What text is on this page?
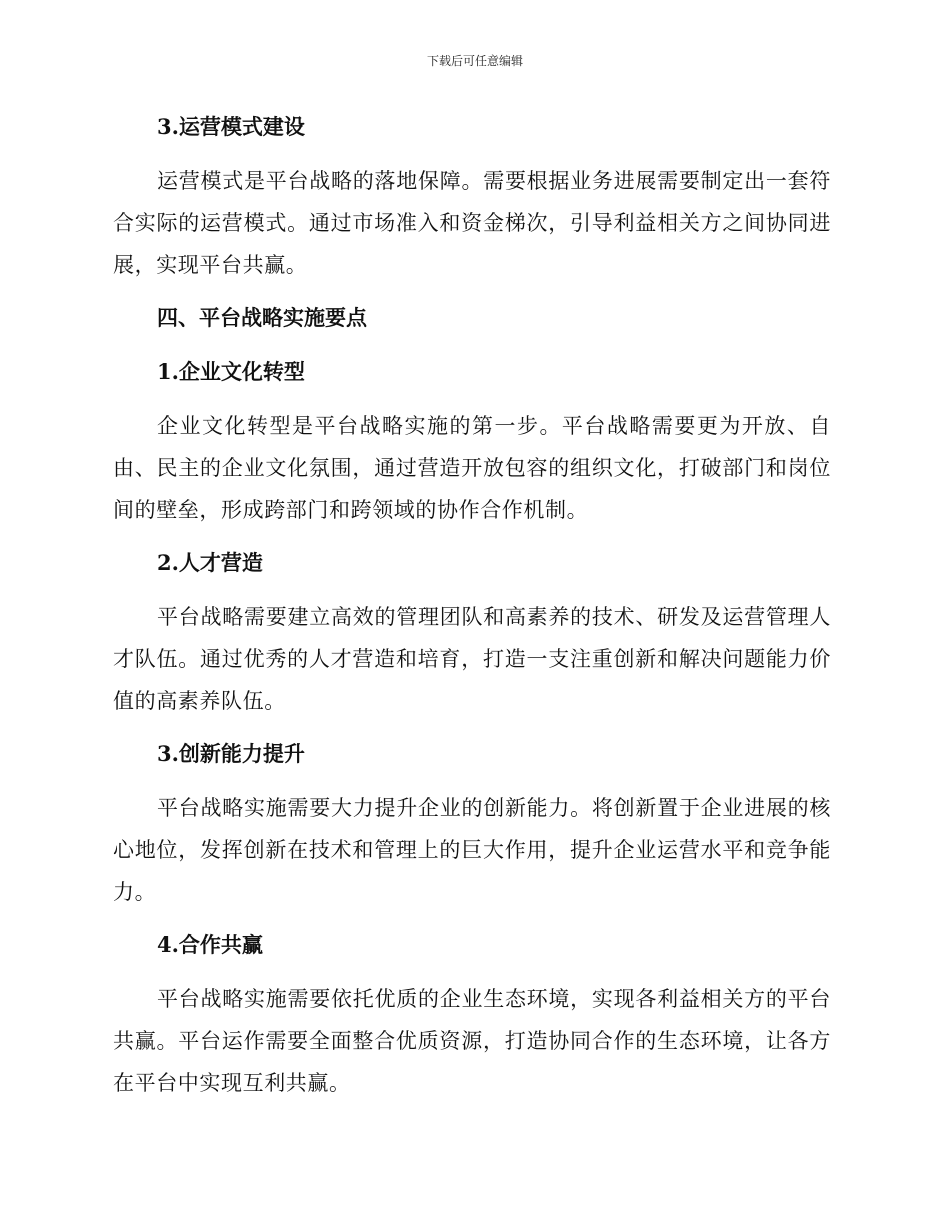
下载后可任意编辑
3.运营模式建设

运营模式是平台战略的落地保障。需要根据业务进展需要制定出一套符合实际的运营模式。通过市场准入和资金梯次，引导利益相关方之间协同进展，实现平台共赢。

四、平台战略实施要点
1.企业文化转型

企业文化转型是平台战略实施的第一步。平台战略需要更为开放、自由、民主的企业文化氛围，通过营造开放包容的组织文化，打破部门和岗位间的壁垒，形成跨部门和跨领域的协作合作机制。

2.人才营造

平台战略需要建立高效的管理团队和高素养的技术、研发及运营管理人才队伍。通过优秀的人才营造和培育，打造一支注重创新和解决问题能力价值的高素养队伍。

3.创新能力提升

平台战略实施需要大力提升企业的创新能力。将创新置于企业进展的核心地位，发挥创新在技术和管理上的巨大作用，提升企业运营水平和竞争能力。

4.合作共赢

平台战略实施需要依托优质的企业生态环境，实现各利益相关方的平台共赢。平台运作需要全面整合优质资源，打造协同合作的生态环境，让各方在平台中实现互利共赢。
